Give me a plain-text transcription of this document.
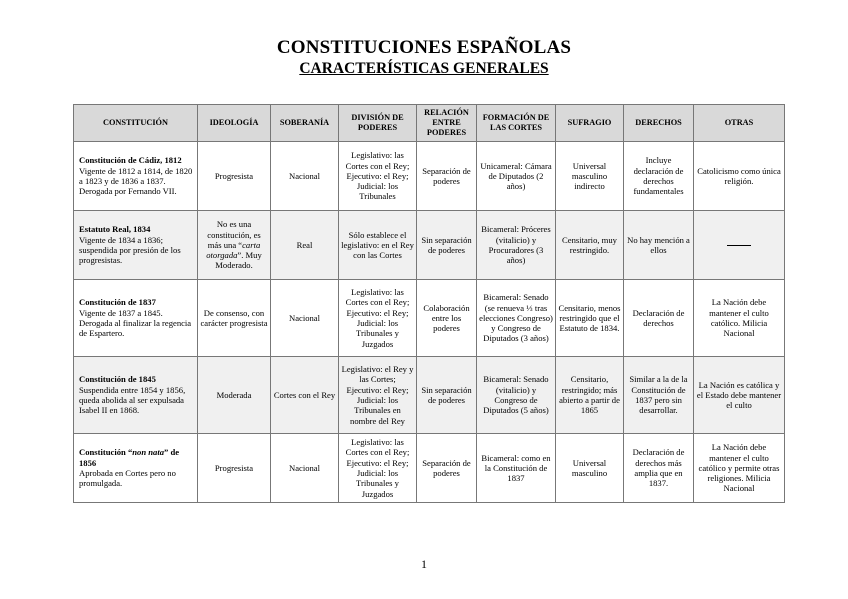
CONSTITUCIONES ESPAÑOLAS
CARACTERÍSTICAS GENERALES
CONSTITUCIÓN	IDEOLOGÍA	SOBERANÍA	DIVISIÓN DE PODERES	RELACIÓN ENTRE PODERES	FORMACIÓN DE LAS CORTES	SUFRAGIO	DERECHOS	OTRAS

Constitución de Cádiz, 1812
Vigente de 1812 a 1814, de 1820 a 1823 y de 1836 a 1837. Derogada por Fernando VII.	Progresista	Nacional	Legislativo: las Cortes con el Rey; Ejecutivo: el Rey; Judicial: los Tribunales	Separación de poderes	Unicameral: Cámara de Diputados (2 años)	Universal masculino indirecto	Incluye declaración de derechos fundamentales	Catolicismo como única religión.

Estatuto Real, 1834
Vigente de 1834 a 1836; suspendida por presión de los progresistas.	No es una constitución, es más una “carta otorgada”. Muy Moderado.	Real	Sólo establece el legislativo: en el Rey con las Cortes	Sin separación de poderes	Bicameral: Próceres (vitalicio) y Procuradores (3 años)	Censitario, muy restringido.	No hay mención a ellos	

Constitución de 1837
Vigente de 1837 a 1845. Derogada al finalizar la regencia de Espartero.	De consenso, con carácter progresista	Nacional	Legislativo: las Cortes con el Rey; Ejecutivo: el Rey; Judicial: los Tribunales y Juzgados	Colaboración entre los poderes	Bicameral: Senado (se renueva ⅓ tras elecciones Congreso) y Congreso de Diputados (3 años)	Censitario, menos restringido que el Estatuto de 1834.	Declaración de derechos	La Nación debe mantener el culto católico. Milicia Nacional

Constitución de 1845
Suspendida entre 1854 y 1856, queda abolida al ser expulsada Isabel II en 1868.	Moderada	Cortes con el Rey	Legislativo: el Rey y las Cortes; Ejecutivo: el Rey; Judicial: los Tribunales en nombre del Rey	Sin separación de poderes	Bicameral: Senado (vitalicio) y Congreso de Diputados (5 años)	Censitario, restringido; más abierto a partir de 1865	Similar a la de la Constitución de 1837 pero sin desarrollar.	La Nación es católica y el Estado debe mantener el culto

Constitución “non nata” de 1856
Aprobada en Cortes pero no promulgada.	Progresista	Nacional	Legislativo: las Cortes con el Rey; Ejecutivo: el Rey; Judicial: los Tribunales y Juzgados	Separación de poderes	Bicameral: como en la Constitución de 1837	Universal masculino	Declaración de derechos más amplia que en 1837.	La Nación debe mantener el culto católico y permite otras religiones. Milicia Nacional
1
